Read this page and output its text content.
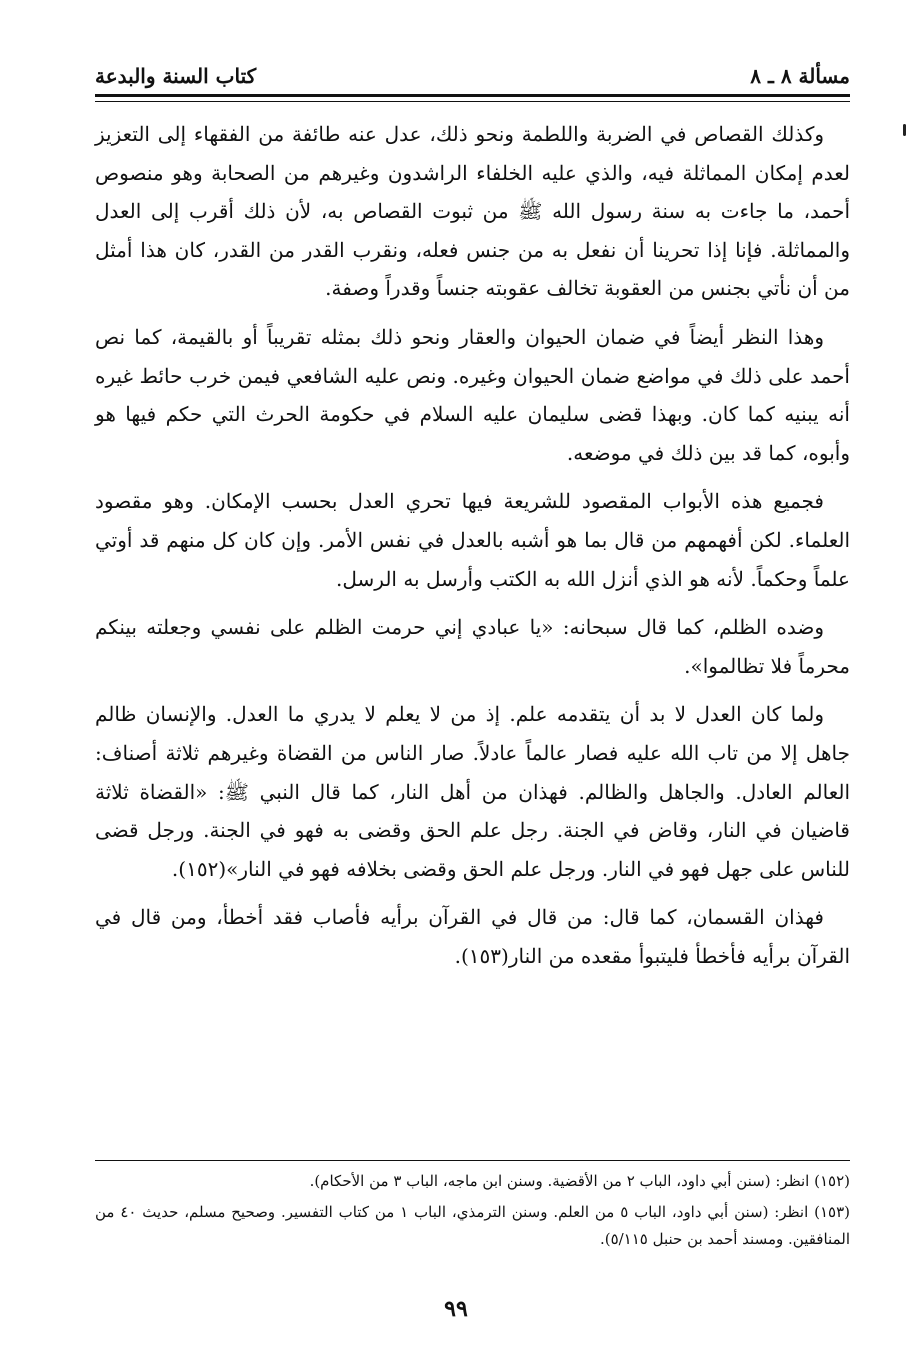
مسألة ٨ ـ ٨
كتاب السنة والبدعة

وكذلك القصاص في الضربة واللطمة ونحو ذلك، عدل عنه طائفة من الفقهاء إلى التعزيز لعدم إمكان المماثلة فيه، والذي عليه الخلفاء الراشدون وغيرهم من الصحابة وهو منصوص أحمد، ما جاءت به سنة رسول الله ﷺ من ثبوت القصاص به، لأن ذلك أقرب إلى العدل والمماثلة. فإنا إذا تحرينا أن نفعل به من جنس فعله، ونقرب القدر من القدر، كان هذا أمثل من أن نأتي بجنس من العقوبة تخالف عقوبته جنساً وقدراً وصفة.

وهذا النظر أيضاً في ضمان الحيوان والعقار ونحو ذلك بمثله تقريباً أو بالقيمة، كما نص أحمد على ذلك في مواضع ضمان الحيوان وغيره. ونص عليه الشافعي فيمن خرب حائط غيره أنه يبنيه كما كان. وبهذا قضى سليمان عليه السلام في حكومة الحرث التي حكم فيها هو وأبوه، كما قد بين ذلك في موضعه.

فجميع هذه الأبواب المقصود للشريعة فيها تحري العدل بحسب الإمكان. وهو مقصود العلماء. لكن أفهمهم من قال بما هو أشبه بالعدل في نفس الأمر. وإن كان كل منهم قد أوتي علماً وحكماً. لأنه هو الذي أنزل الله به الكتب وأرسل به الرسل.

وضده الظلم، كما قال سبحانه: «يا عبادي إني حرمت الظلم على نفسي وجعلته بينكم محرماً فلا تظالموا».

ولما كان العدل لا بد أن يتقدمه علم. إذ من لا يعلم لا يدري ما العدل. والإنسان ظالم جاهل إلا من تاب الله عليه فصار عالماً عادلاً. صار الناس من القضاة وغيرهم ثلاثة أصناف: العالم العادل. والجاهل والظالم. فهذان من أهل النار، كما قال النبي ﷺ: «القضاة ثلاثة قاضيان في النار، وقاض في الجنة. رجل علم الحق وقضى به فهو في الجنة. ورجل قضى للناس على جهل فهو في النار. ورجل علم الحق وقضى بخلافه فهو في النار»(١٥٢).

فهذان القسمان، كما قال: من قال في القرآن برأيه فأصاب فقد أخطأ، ومن قال في القرآن برأيه فأخطأ فليتبوأ مقعده من النار(١٥٣).

(١٥٢) انظر: (سنن أبي داود، الباب ٢ من الأقضية. وسنن ابن ماجه، الباب ٣ من الأحكام).

(١٥٣) انظر: (سنن أبي داود، الباب ٥ من العلم. وسنن الترمذي، الباب ١ من كتاب التفسير. وصحيح مسلم، حديث ٤٠ من المنافقين. ومسند أحمد بن حنبل ٥/١١٥).

٩٩
